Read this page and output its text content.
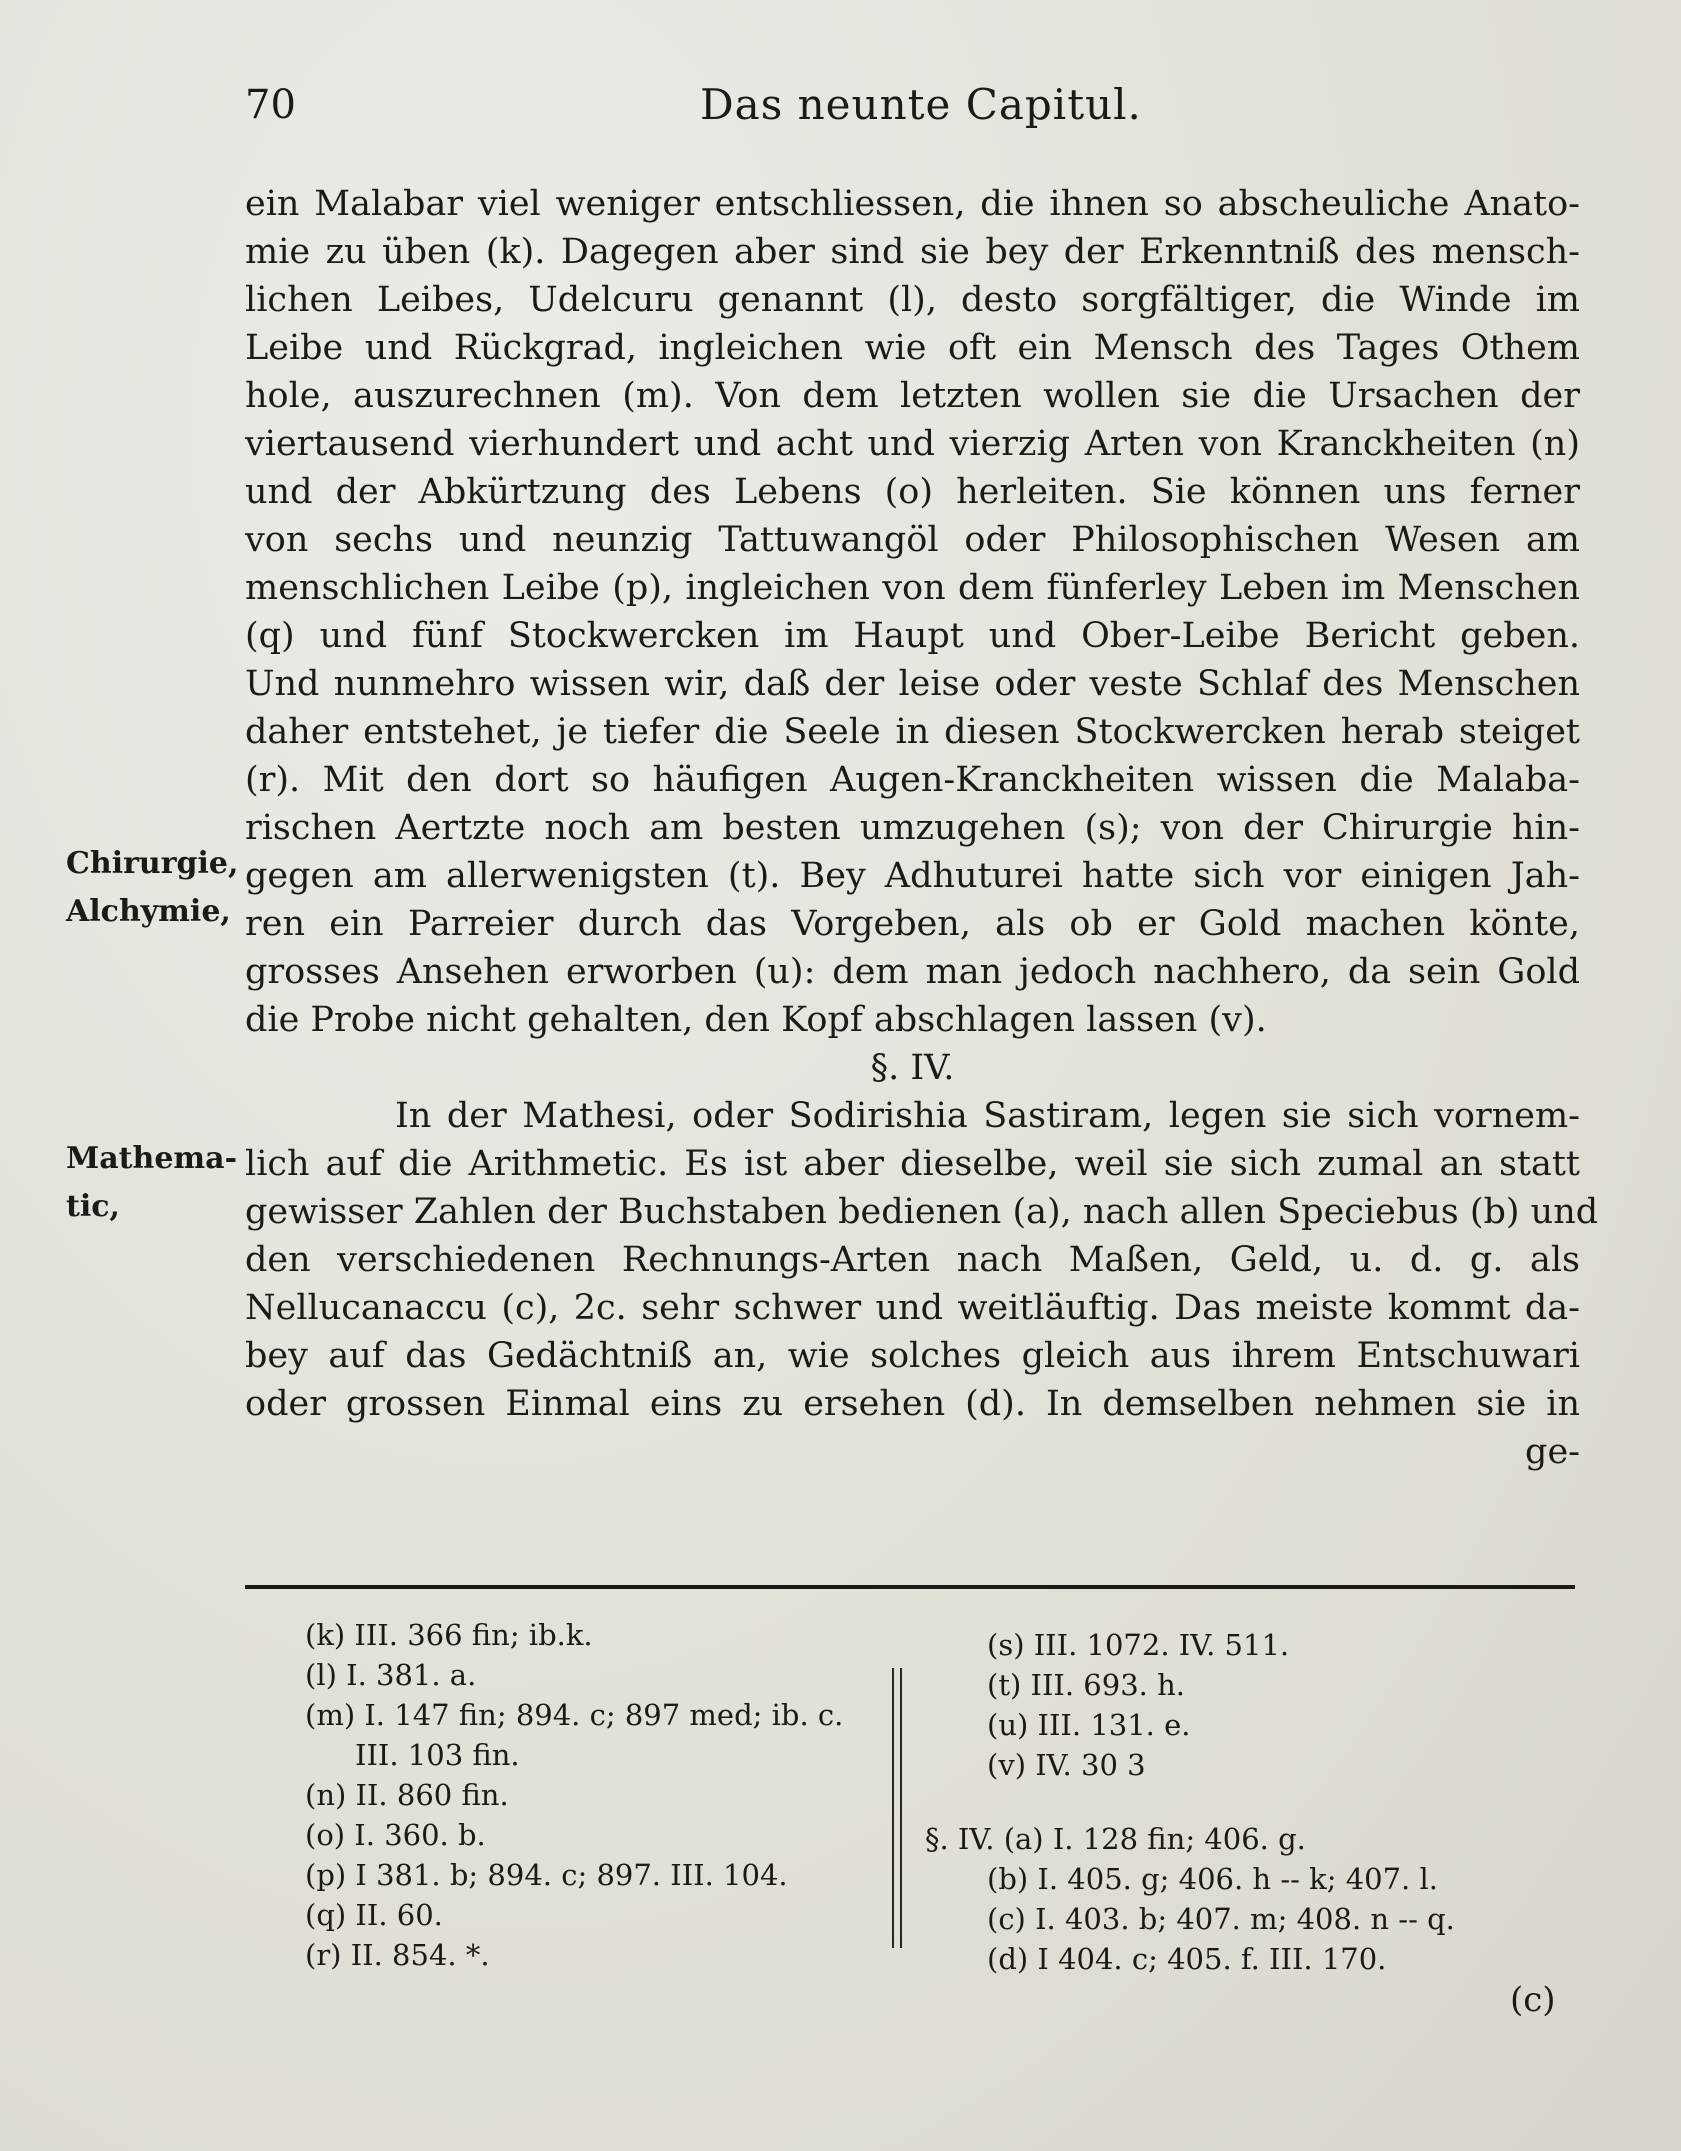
70	Das neunte Capitul.
ein Malabar viel weniger entschliessen, die ihnen so abscheuliche Anato-
mie zu üben (k). Dagegen aber sind sie bey der Erkenntniß des mensch-
lichen Leibes, Udelcuru genannt (l), desto sorgfältiger, die Winde im
Leibe und Rückgrad, ingleichen wie oft ein Mensch des Tages Othem
hole, auszurechnen (m). Von dem letzten wollen sie die Ursachen der
viertausend vierhundert und acht und vierzig Arten von Kranckheiten (n)
und der Abkürtzung des Lebens (o) herleiten. Sie können uns ferner
von sechs und neunzig Tattuwangöl oder Philosophischen Wesen am
menschlichen Leibe (p), ingleichen von dem fünferley Leben im Menschen
(q) und fünf Stockwercken im Haupt und Ober-Leibe Bericht geben.
Und nunmehro wissen wir, daß der leise oder veste Schlaf des Menschen
daher entstehet, je tiefer die Seele in diesen Stockwercken herab steiget
(r). Mit den dort so häufigen Augen-Kranckheiten wissen die Malaba-
rischen Aertzte noch am besten umzugehen (s); von der Chirurgie hin-
gegen am allerwenigsten (t). Bey Adhuturei hatte sich vor einigen Jah-
ren ein Parreier durch das Vorgeben, als ob er Gold machen könte,
grosses Ansehen erworben (u): dem man jedoch nachhero, da sein Gold
die Probe nicht gehalten, den Kopf abschlagen lassen (v).
§. IV.
In der Mathesi, oder Sodirishia Sastiram, legen sie sich vornem-
lich auf die Arithmetic. Es ist aber dieselbe, weil sie sich zumal an statt
gewisser Zahlen der Buchstaben bedienen (a), nach allen Speciebus (b) und
den verschiedenen Rechnungs-Arten nach Maßen, Geld, u. d. g. als
Nellucanaccu (c), 2c. sehr schwer und weitläuftig. Das meiste kommt da-
bey auf das Gedächtniß an, wie solches gleich aus ihrem Entschuwari
oder grossen Einmal eins zu ersehen (d). In demselben nehmen sie in
ge-
Chirurgie,
Alchymie,
Mathema-
tic,
(k) III. 366 fin; ib.k.
(l) I. 381. a.
(m) I. 147 fin; 894. c; 897 med; ib. c.
III. 103 fin.
(n) II. 860 fin.
(o) I. 360. b.
(p) I 381. b; 894. c; 897. III. 104.
(q) II. 60.
(r) II. 854. *.
(s) III. 1072. IV. 511.
(t) III. 693. h.
(u) III. 131. e.
(v) IV. 30 3
§. IV. (a) I. 128 fin; 406. g.
(b) I. 405. g; 406. h -- k; 407. l.
(c) I. 403. b; 407. m; 408. n -- q.
(d) I 404. c; 405. f. III. 170.
(c)
